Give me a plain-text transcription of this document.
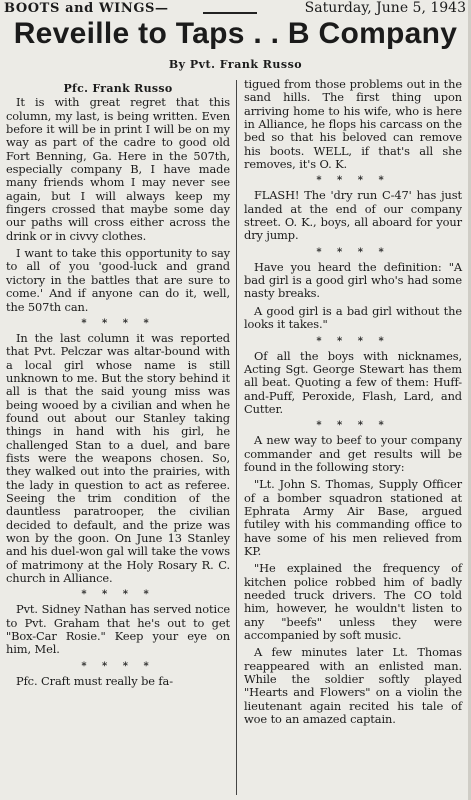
BOOTS and WINGS—	Saturday, June 5, 1943
Reveille to Taps . . B Company
By Pvt. Frank Russo
Pfc. Frank Russo

It is with great regret that this column, my last, is being written. Even before it will be in print I will be on my way as part of the cadre to good old Fort Benning, Ga. Here in the 507th, especially company B, I have made many friends whom I may never see again, but I will always keep my fingers crossed that maybe some day our paths will cross either across the drink or in civvy clothes.

I want to take this opportunity to say to all of you 'good-luck and grand victory in the battles that are sure to come.' And if anyone can do it, well, the 507th can.

* * * *

In the last column it was reported that Pvt. Pelczar was altar-bound with a local girl whose name is still unknown to me. But the story behind it all is that the said young miss was being wooed by a civilian and when he found out about our Stanley taking things in hand with his girl, he challenged Stan to a duel, and bare fists were the weapons chosen. So, they walked out into the prairies, with the lady in question to act as referee. Seeing the trim condition of the dauntless paratrooper, the civilian decided to default, and the prize was won by the goon. On June 13 Stanley and his duel-won gal will take the vows of matrimony at the Holy Rosary R. C. church in Alliance.

* * * *

Pvt. Sidney Nathan has served notice to Pvt. Graham that he's out to get "Box-Car Rosie." Keep your eye on him, Mel.

* * * *

Pfc. Craft must really be fa-

tigued from those problems out in the sand hills. The first thing upon arriving home to his wife, who is here in Alliance, he flops his carcass on the bed so that his beloved can remove his boots. WELL, if that's all she removes, it's O. K.

* * * *

FLASH! The 'dry run C-47' has just landed at the end of our company street. O. K., boys, all aboard for your dry jump.

* * * *

Have you heard the definition: "A bad girl is a good girl who's had some nasty breaks.

A good girl is a bad girl without the looks it takes."

* * * *

Of all the boys with nicknames, Acting Sgt. George Stewart has them all beat. Quoting a few of them: Huff-and-Puff, Peroxide, Flash, Lard, and Cutter.

* * * *

A new way to beef to your company commander and get results will be found in the following story:

"Lt. John S. Thomas, Supply Officer of a bomber squadron stationed at Ephrata Army Air Base, argued futiley with his commanding office to have some of his men relieved from KP.

"He explained the frequency of kitchen police robbed him of badly needed truck drivers. The CO told him, however, he wouldn't listen to any "beefs" unless they were accompanied by soft music.

A few minutes later Lt. Thomas reappeared with an enlisted man. While the soldier softly played "Hearts and Flowers" on a violin the lieutenant again recited his tale of woe to an amazed captain.
